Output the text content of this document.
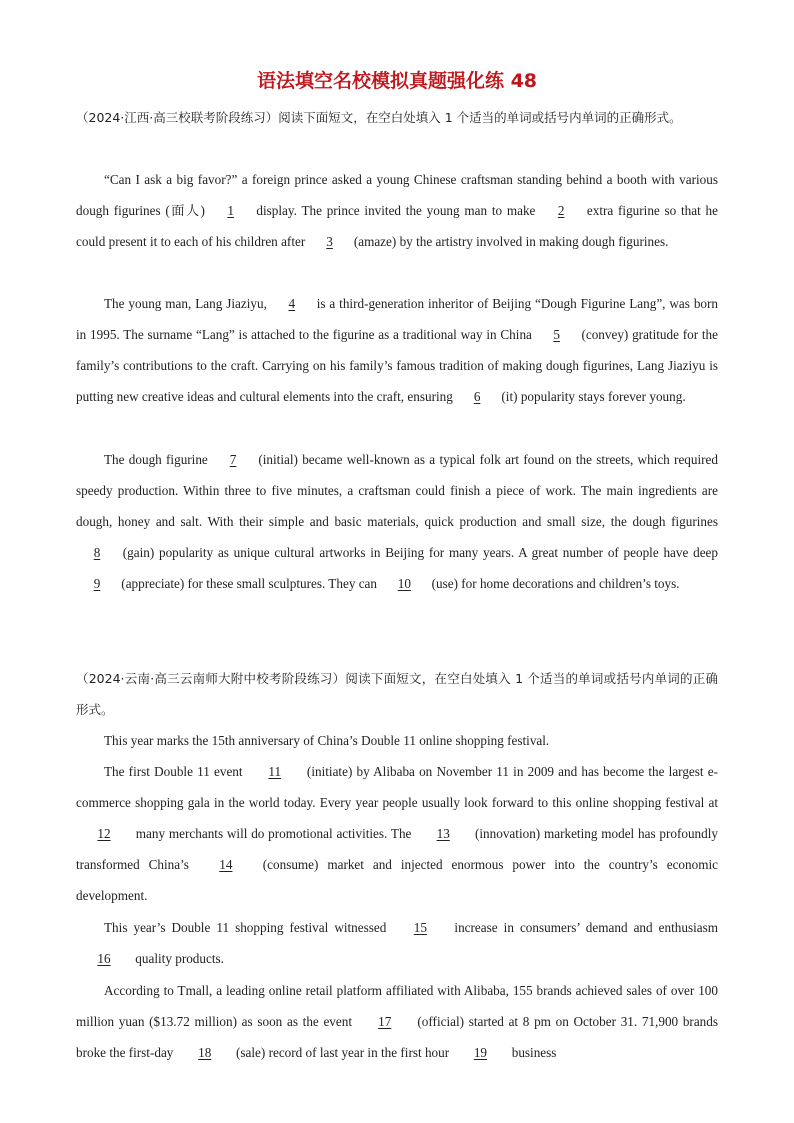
语法填空名校模拟真题强化练 48
（2024·江西·高三校联考阶段练习）阅读下面短文，在空白处填入 1 个适当的单词或括号内单词的正确形式。
“Can I ask a big favor?” a foreign prince asked a young Chinese craftsman standing behind a booth with various dough figurines (面人) 1 display. The prince invited the young man to make 2 extra figurine so that he could present it to each of his children after 3 (amaze) by the artistry involved in making dough figurines.
The young man, Lang Jiaziyu, 4 is a third-generation inheritor of Beijing “Dough Figurine Lang”, was born in 1995. The surname “Lang” is attached to the figurine as a traditional way in China 5 (convey) gratitude for the family’s contributions to the craft. Carrying on his family’s famous tradition of making dough figurines, Lang Jiaziyu is putting new creative ideas and cultural elements into the craft, ensuring 6 (it) popularity stays forever young.
The dough figurine 7 (initial) became well-known as a typical folk art found on the streets, which required speedy production. Within three to five minutes, a craftsman could finish a piece of work. The main ingredients are dough, honey and salt. With their simple and basic materials, quick production and small size, the dough figurines 8 (gain) popularity as unique cultural artworks in Beijing for many years. A great number of people have deep 9 (appreciate) for these small sculptures. They can 10 (use) for home decorations and children’s toys.
（2024·云南·高三云南师大附中校考阶段练习）阅读下面短文，在空白处填入 1 个适当的单词或括号内单词的正确形式。
This year marks the 15th anniversary of China’s Double 11 online shopping festival.
The first Double 11 event 11 (initiate) by Alibaba on November 11 in 2009 and has become the largest e-commerce shopping gala in the world today. Every year people usually look forward to this online shopping festival at 12 many merchants will do promotional activities. The 13 (innovation) marketing model has profoundly transformed China’s 14 (consume) market and injected enormous power into the country’s economic development.
This year’s Double 11 shopping festival witnessed 15 increase in consumers’ demand and enthusiasm 16 quality products.
According to Tmall, a leading online retail platform affiliated with Alibaba, 155 brands achieved sales of over 100 million yuan ($13.72 million) as soon as the event 17 (official) started at 8 pm on October 31. 71,900 brands broke the first-day 18 (sale) record of last year in the first hour 19 business
